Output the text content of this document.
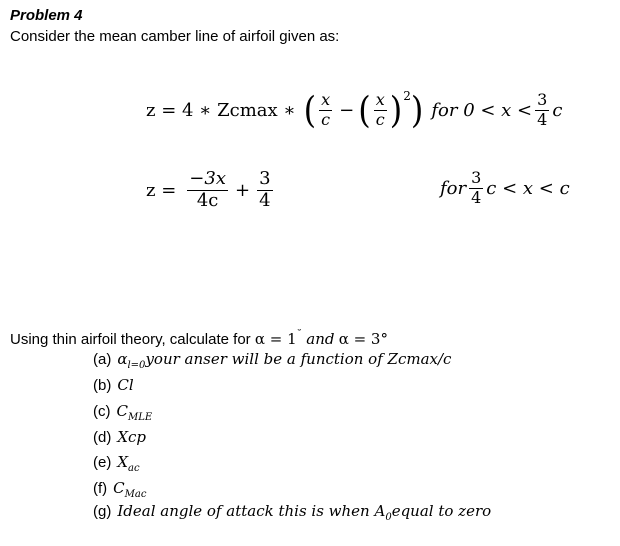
Problem 4
Consider the mean camber line of airfoil given as:
z = 4 ∗ Zcmax ∗ ( $\frac{x}{c}$ − ( $\frac{x}{c}$ ) 2 ) for $0 < x < \frac{3}{4}$ c
$z = \frac{-3x}{4c} + \frac{3}{4}$	for $\frac{3}{4}$ c < x < c
Using thin airfoil theory, calculate for α = 1˘ and α = 3°
(a) α l=0 your anser will be a function of Zcmax/c
(b) Cl
(c) C MLE
(d) Xcp
(e) X ac
(f) C Mac
(g) Ideal angle of attack this is when A 0 equal to zero
